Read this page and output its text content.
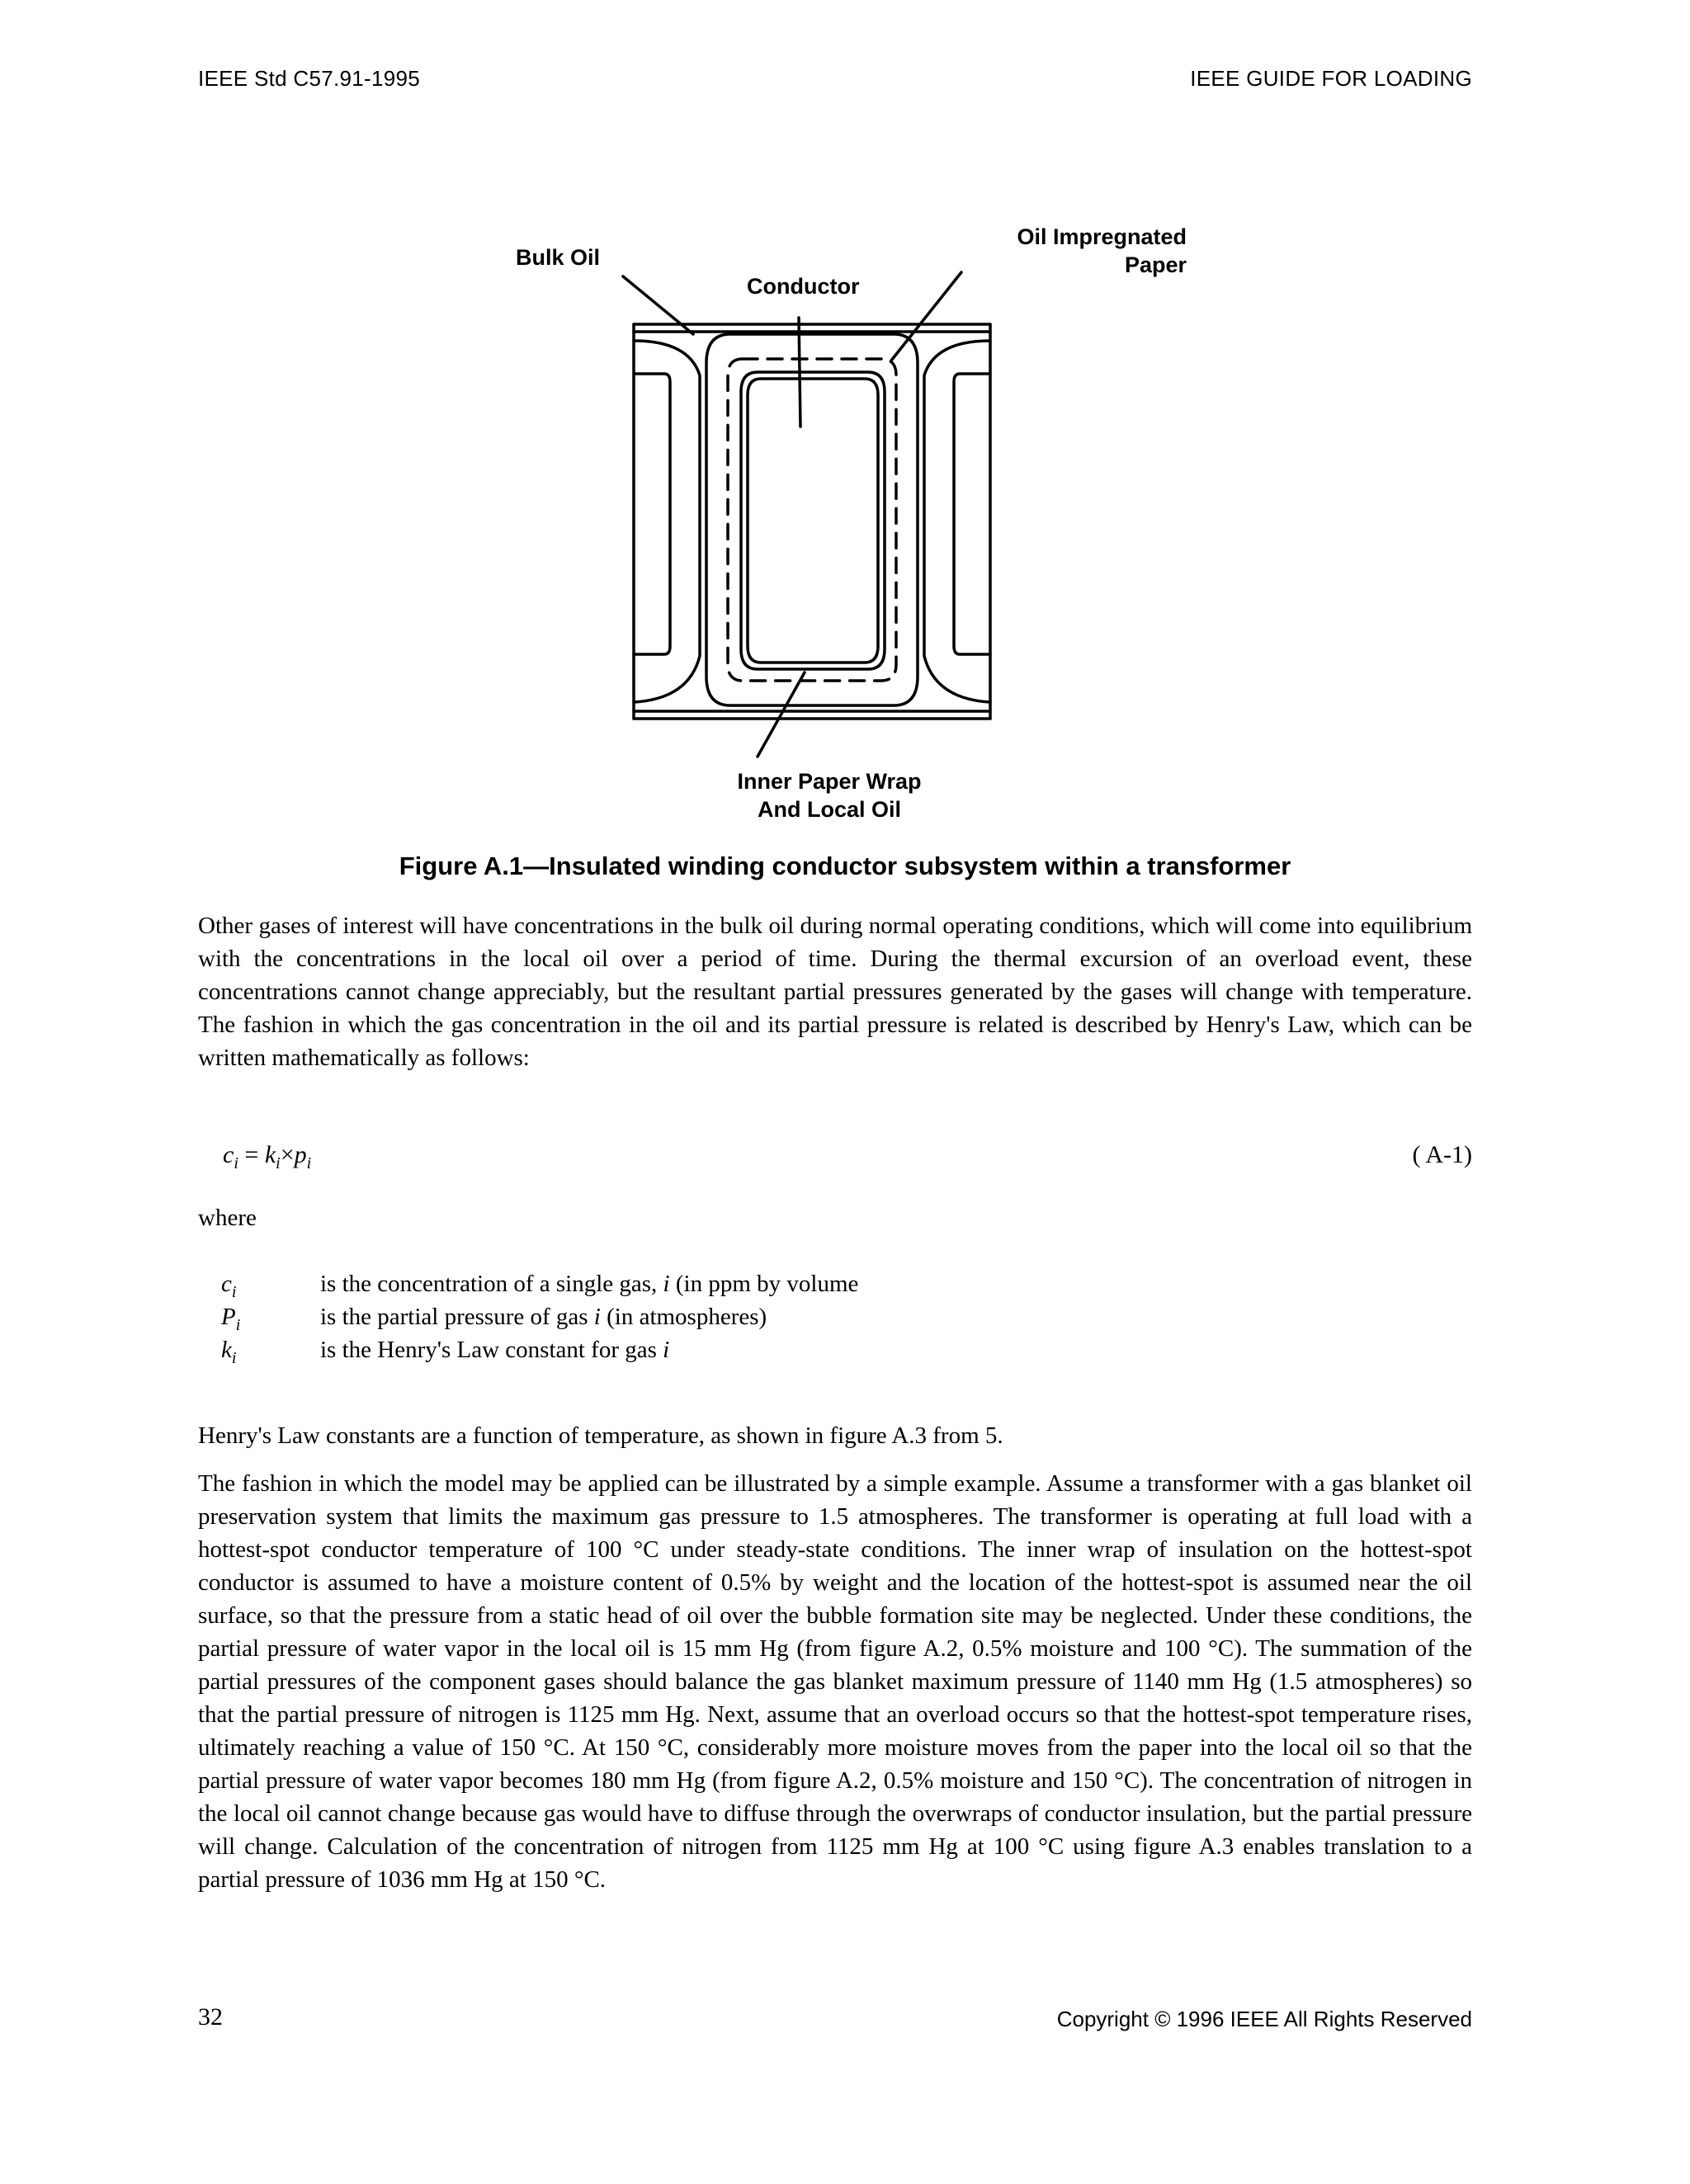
IEEE Std C57.91-1995	IEEE GUIDE FOR LOADING
Bulk Oil
Conductor
Oil Impregnated
Paper
Inner Paper Wrap
And Local Oil
Figure A.1—Insulated winding conductor subsystem within a transformer

Other gases of interest will have concentrations in the bulk oil during normal operating conditions, which will come into equilibrium with the concentrations in the local oil over a period of time. During the thermal excursion of an overload event, these concentrations cannot change appreciably, but the resultant partial pressures generated by the gases will change with temperature. The fashion in which the gas concentration in the oil and its partial pressure is related is described by Henry's Law, which can be written mathematically as follows:

$c_i = k_i\times p_i$	( A-1)
where
$c_i$	is the concentration of a single gas, i (in ppm by volume
$P_i$	is the partial pressure of gas i (in atmospheres)
$k_i$	is the Henry's Law constant for gas i

Henry's Law constants are a function of temperature, as shown in figure A.3 from 5.

The fashion in which the model may be applied can be illustrated by a simple example. Assume a transformer with a gas blanket oil preservation system that limits the maximum gas pressure to 1.5 atmospheres. The transformer is operating at full load with a hottest-spot conductor temperature of 100 °C under steady-state conditions. The inner wrap of insulation on the hottest-spot conductor is assumed to have a moisture content of 0.5% by weight and the location of the hottest-spot is assumed near the oil surface, so that the pressure from a static head of oil over the bubble formation site may be neglected. Under these conditions, the partial pressure of water vapor in the local oil is 15 mm Hg (from figure A.2, 0.5% moisture and 100 °C). The summation of the partial pressures of the component gases should balance the gas blanket maximum pressure of 1140 mm Hg (1.5 atmospheres) so that the partial pressure of nitrogen is 1125 mm Hg. Next, assume that an overload occurs so that the hottest-spot temperature rises, ultimately reaching a value of 150 °C. At 150 °C, considerably more moisture moves from the paper into the local oil so that the partial pressure of water vapor becomes 180 mm Hg (from figure A.2, 0.5% moisture and 150 °C). The concentration of nitrogen in the local oil cannot change because gas would have to diffuse through the overwraps of conductor insulation, but the partial pressure will change. Calculation of the concentration of nitrogen from 1125 mm Hg at 100 °C using figure A.3 enables translation to a partial pressure of 1036 mm Hg at 150 °C.

32	Copyright © 1996 IEEE All Rights Reserved
